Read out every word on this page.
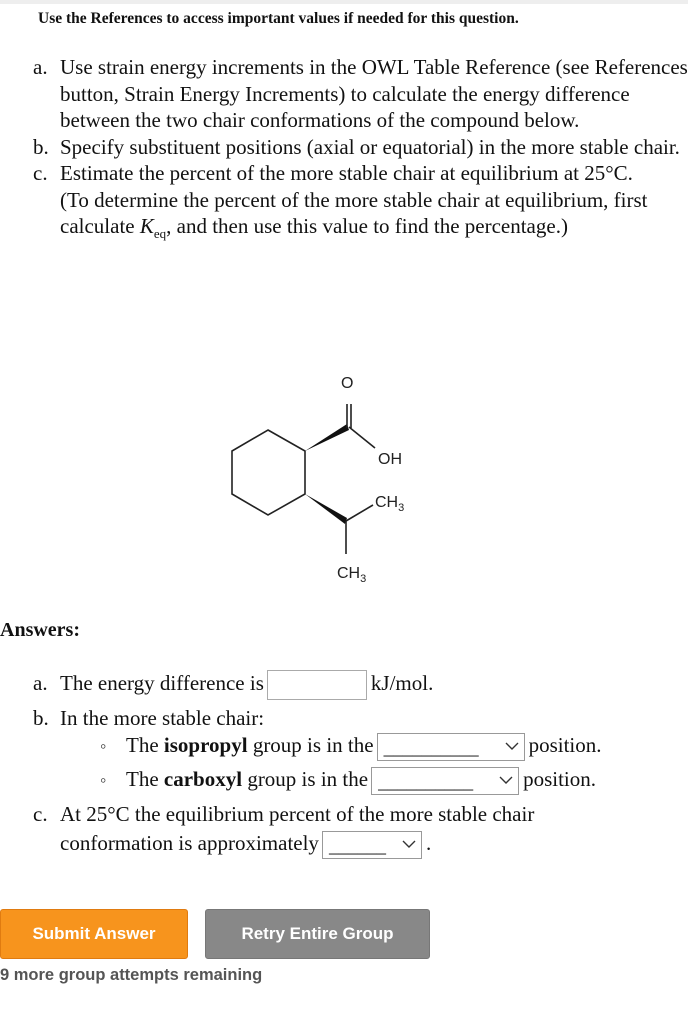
Use the References to access important values if needed for this question.
a. Use strain energy increments in the OWL Table Reference (see References button, Strain Energy Increments) to calculate the energy difference between the two chair conformations of the compound below.
b. Specify substituent positions (axial or equatorial) in the more stable chair.
c. Estimate the percent of the more stable chair at equilibrium at 25°C.
(To determine the percent of the more stable chair at equilibrium, first calculate $K_{eq}$, and then use this value to find the percentage.)
O
OH
$CH_3$
$CH_3$
Answers:
a. The energy difference is	kJ/mol.
b. In the more stable chair:
◦ The isopropyl group is in the __________ position.
◦ The carboxyl group is in the __________ position.
c. At 25°C the equilibrium percent of the more stable chair
conformation is approximately ______ .
Submit Answer	Retry Entire Group
9 more group attempts remaining
